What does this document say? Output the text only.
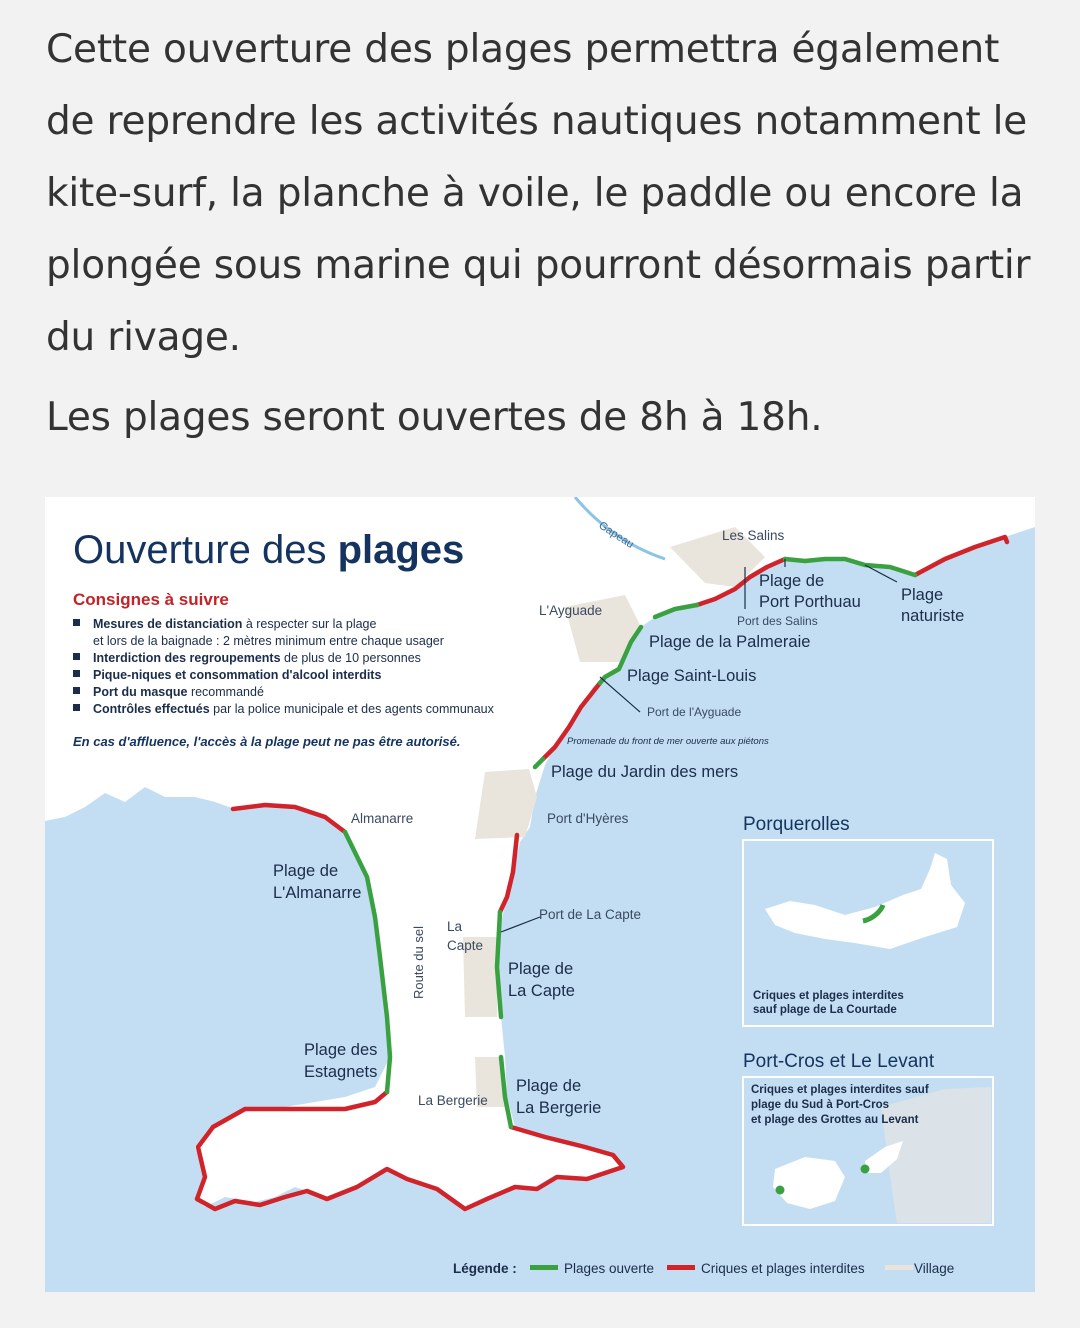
Cette ouverture des plages permettra également de reprendre les activités nautiques notamment le kite-surf, la planche à voile, le paddle ou encore la plongée sous marine qui pourront désormais partir du rivage.

Les plages seront ouvertes de 8h à 18h.

Ouverture des plages
Consignes à suivre
Mesures de distanciation à respecter sur la plage
et lors de la baignade : 2 mètres minimum entre chaque usager
Interdiction des regroupements de plus de 10 personnes
Pique-niques et consommation d'alcool interdits
Port du masque recommandé
Contrôles effectués par la police municipale et des agents communaux
En cas d'affluence, l'accès à la plage peut ne pas être autorisé.
Gapeau	Les Salins
L'Ayguade
Port des Salins
Port de l'Ayguade
Promenade du front de mer ouverte aux piétons
Almanarre	Port d'Hyères
Port de La Capte
La
Capte
Route du sel
La Bergerie
Plage de
Port Porthuau Plage
naturiste
Plage de la Palmeraie
Plage Saint-Louis
Plage du Jardin des mers
Plage de
L'Almanarre
Plage de
La Capte
Plage des
Estagnets
Plage de
La Bergerie
Porquerolles
Criques et plages interdites
sauf plage de La Courtade
Port-Cros et Le Levant
Criques et plages interdites sauf
plage du Sud à Port-Cros
et plage des Grottes au Levant
Légende :	Plages ouverte	Criques et plages interdites	Village
